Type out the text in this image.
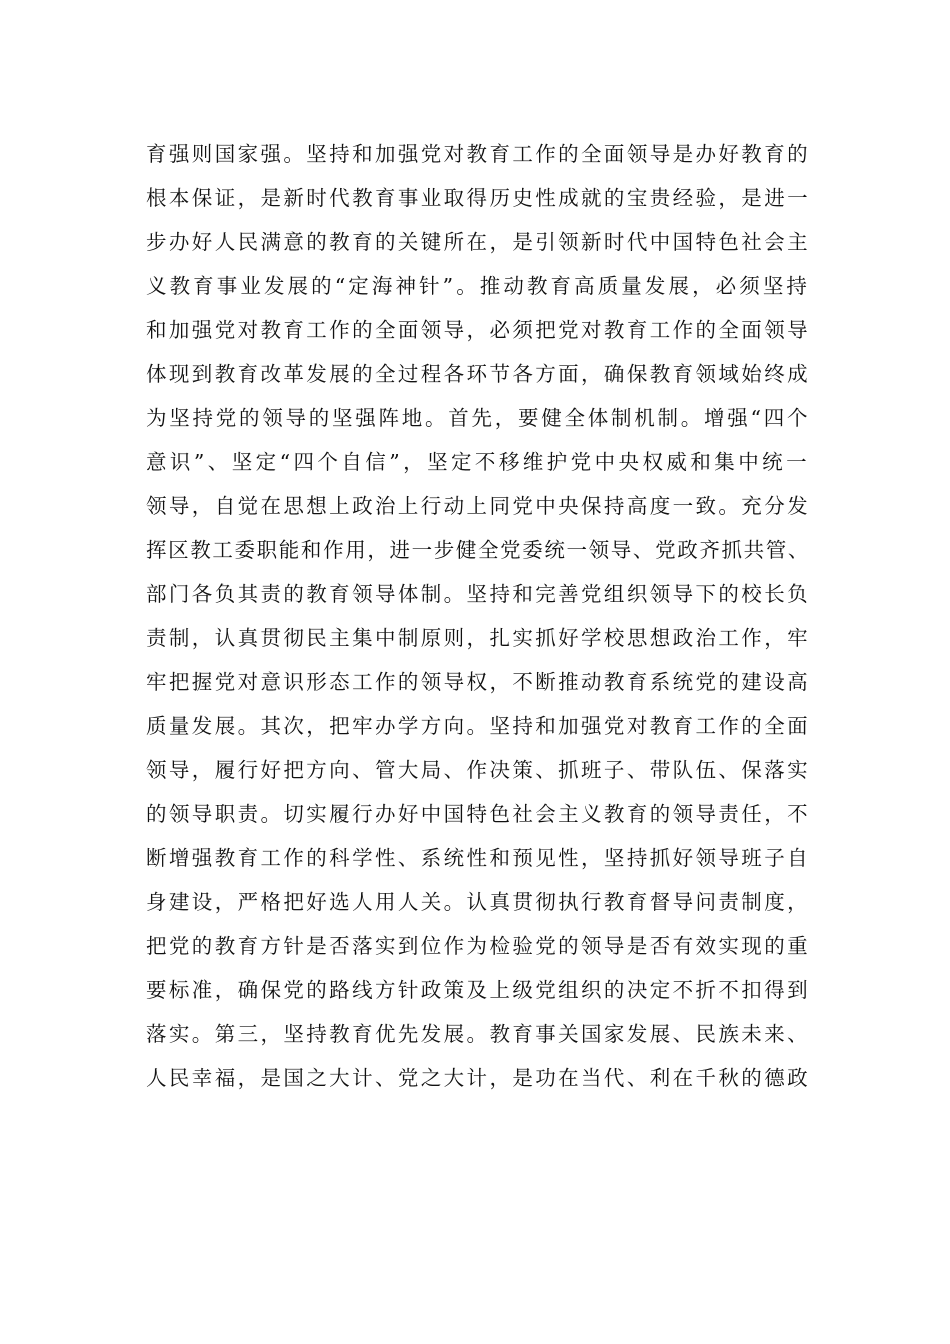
育强则国家强。坚持和加强党对教育工作的全面领导是办好教育的
根本保证，是新时代教育事业取得历史性成就的宝贵经验，是进一
步办好人民满意的教育的关键所在，是引领新时代中国特色社会主
义教育事业发展的“定海神针”。推动教育高质量发展，必须坚持
和加强党对教育工作的全面领导，必须把党对教育工作的全面领导
体现到教育改革发展的全过程各环节各方面，确保教育领域始终成
为坚持党的领导的坚强阵地。首先，要健全体制机制。增强“四个
意识”、坚定“四个自信”，坚定不移维护党中央权威和集中统一
领导，自觉在思想上政治上行动上同党中央保持高度一致。充分发
挥区教工委职能和作用，进一步健全党委统一领导、党政齐抓共管、
部门各负其责的教育领导体制。坚持和完善党组织领导下的校长负
责制，认真贯彻民主集中制原则，扎实抓好学校思想政治工作，牢
牢把握党对意识形态工作的领导权，不断推动教育系统党的建设高
质量发展。其次，把牢办学方向。坚持和加强党对教育工作的全面
领导，履行好把方向、管大局、作决策、抓班子、带队伍、保落实
的领导职责。切实履行办好中国特色社会主义教育的领导责任，不
断增强教育工作的科学性、系统性和预见性，坚持抓好领导班子自
身建设，严格把好选人用人关。认真贯彻执行教育督导问责制度，
把党的教育方针是否落实到位作为检验党的领导是否有效实现的重
要标准，确保党的路线方针政策及上级党组织的决定不折不扣得到
落实。第三，坚持教育优先发展。教育事关国家发展、民族未来、
人民幸福，是国之大计、党之大计，是功在当代、利在千秋的德政
